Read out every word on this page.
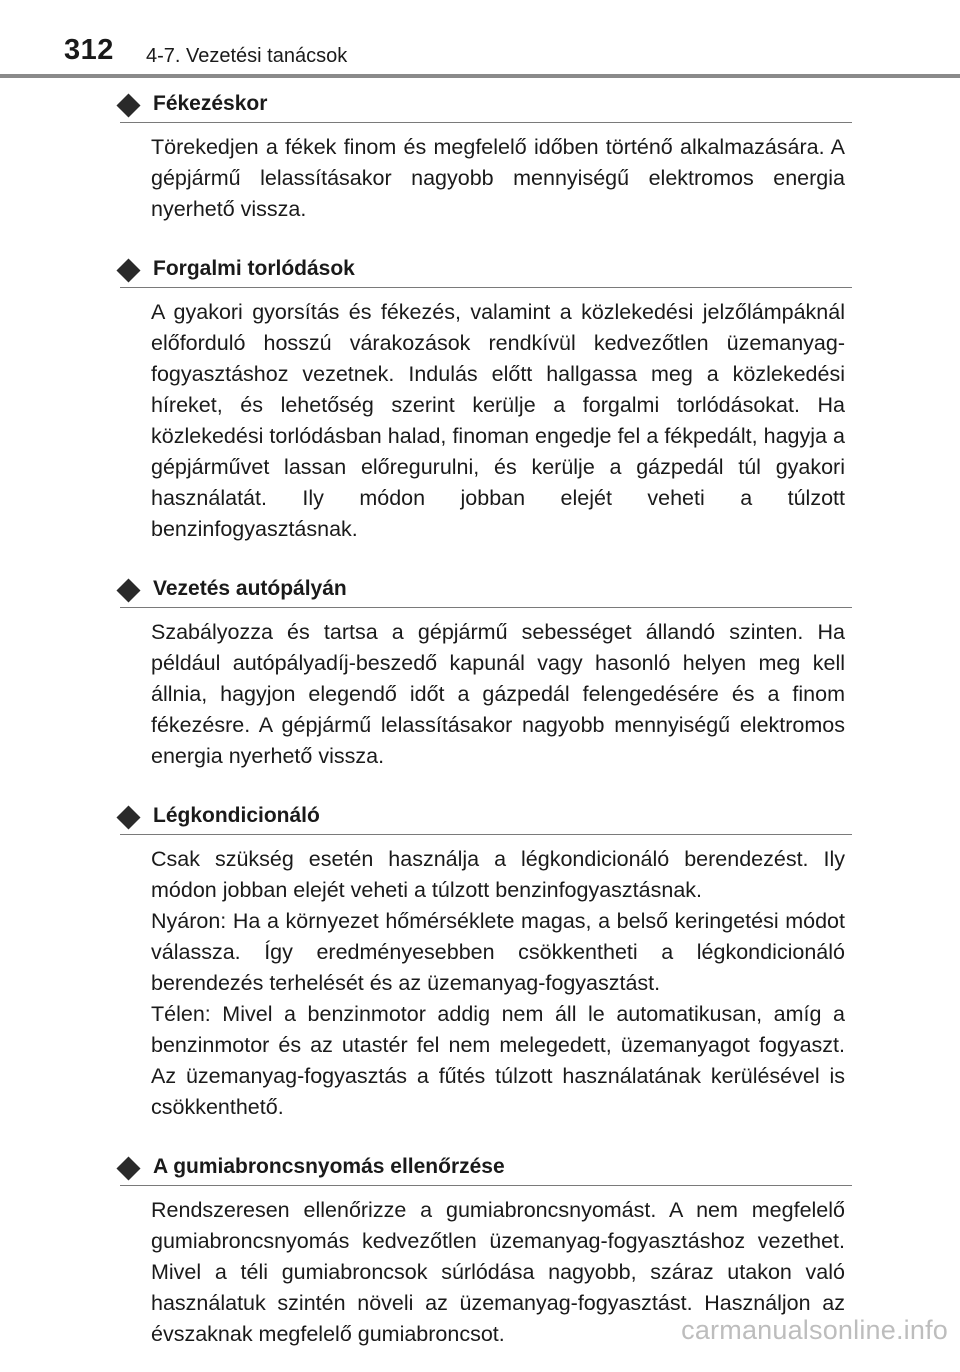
312 4-7. Vezetési tanácsok
Fékezéskor

Törekedjen a fékek finom és megfelelő időben történő alkalmazására. A gépjármű lelassításakor nagyobb mennyiségű elektromos energia nyerhető vissza.

Forgalmi torlódások

A gyakori gyorsítás és fékezés, valamint a közlekedési jelzőlámpáknál előforduló hosszú várakozások rendkívül kedvezőtlen üzemanyag-fogyasztáshoz vezetnek. Indulás előtt hallgassa meg a közlekedési híreket, és lehetőség szerint kerülje a forgalmi torlódásokat. Ha közlekedési torlódásban halad, finoman engedje fel a fékpedált, hagyja a gépjárművet lassan előregurulni, és kerülje a gázpedál túl gyakori használatát. Ily módon jobban elejét veheti a túlzott benzinfogyasztásnak.

Vezetés autópályán

Szabályozza és tartsa a gépjármű sebességet állandó szinten. Ha például autópályadíj-beszedő kapunál vagy hasonló helyen meg kell állnia, hagyjon elegendő időt a gázpedál felengedésére és a finom fékezésre. A gépjármű lelassításakor nagyobb mennyiségű elektromos energia nyerhető vissza.

Légkondicionáló

Csak szükség esetén használja a légkondicionáló berendezést. Ily módon jobban elejét veheti a túlzott benzinfogyasztásnak.

Nyáron: Ha a környezet hőmérséklete magas, a belső keringetési módot válassza. Így eredményesebben csökkentheti a légkondicionáló berendezés terhelését és az üzemanyag-fogyasztást.

Télen: Mivel a benzinmotor addig nem áll le automatikusan, amíg a benzinmotor és az utastér fel nem melegedett, üzemanyagot fogyaszt. Az üzemanyag-fogyasztás a fűtés túlzott használatának kerülésével is csökkenthető.

A gumiabroncsnyomás ellenőrzése

Rendszeresen ellenőrizze a gumiabroncsnyomást. A nem megfelelő gumiabroncsnyomás kedvezőtlen üzemanyag-fogyasztáshoz vezethet. Mivel a téli gumiabroncsok súrlódása nagyobb, száraz utakon való használatuk szintén növeli az üzemanyag-fogyasztást. Használjon az évszaknak megfelelő gumiabroncsot.	carmanualsonline.info
